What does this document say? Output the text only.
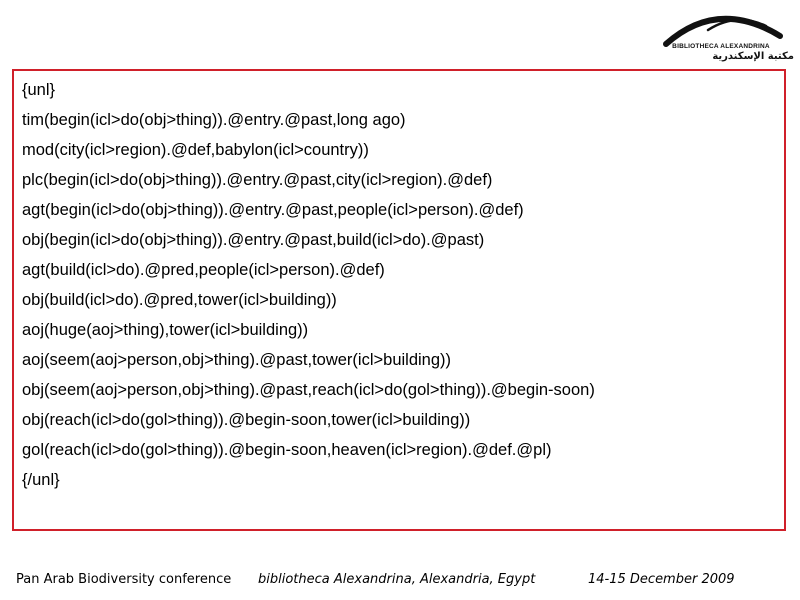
BIBLIOTHECA ALEXANDRINA
مكتبة الإسكندرية
{unl}
tim(begin(icl>do(obj>thing)).@entry.@past,long ago)
mod(city(icl>region).@def,babylon(icl>country))
plc(begin(icl>do(obj>thing)).@entry.@past,city(icl>region).@def)
agt(begin(icl>do(obj>thing)).@entry.@past,people(icl>person).@def)
obj(begin(icl>do(obj>thing)).@entry.@past,build(icl>do).@past)
agt(build(icl>do).@pred,people(icl>person).@def)
obj(build(icl>do).@pred,tower(icl>building))
aoj(huge(aoj>thing),tower(icl>building))
aoj(seem(aoj>person,obj>thing).@past,tower(icl>building))
obj(seem(aoj>person,obj>thing).@past,reach(icl>do(gol>thing)).@begin-soon)
obj(reach(icl>do(gol>thing)).@begin-soon,tower(icl>building))
gol(reach(icl>do(gol>thing)).@begin-soon,heaven(icl>region).@def.@pl)
{/unl}
Pan Arab Biodiversity conference bibliotheca Alexandrina, Alexandria, Egypt	14-15 December 2009
